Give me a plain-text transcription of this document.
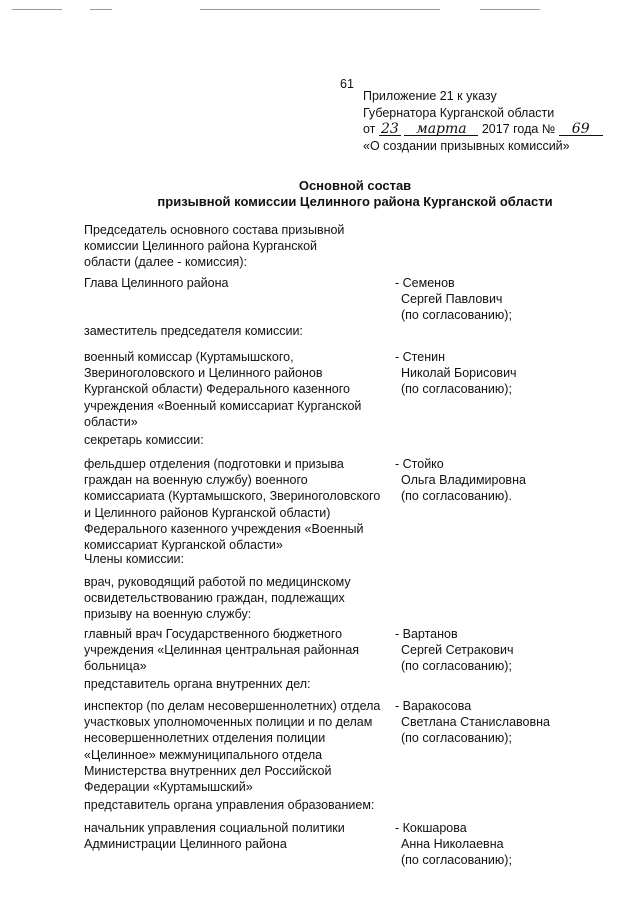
61
Приложение 21 к указу
Губернатора Курганской области
от 23 марта 2017 года № 69
«О создании призывных комиссий»
Основной состав
призывной комиссии Целинного района Курганской области
Председатель основного состава призывной
комиссии Целинного района Курганской
области (далее - комиссия):
Глава Целинного района	- Семенов
Сергей Павлович
(по согласованию);
заместитель председателя комиссии:
военный комиссар (Куртамышского,
Звериноголовского и Целинного районов
Курганской области) Федерального казенного
учреждения «Военный комиссариат Курганской
области»
- Стенин
Николай Борисович
(по согласованию);
секретарь комиссии:
фельдшер отделения (подготовки и призыва
граждан на военную службу) военного
комиссариата (Куртамышского, Звериноголовского
и Целинного районов Курганской области)
Федерального казенного учреждения «Военный
комиссариат Курганской области»
- Стойко
Ольга Владимировна
(по согласованию).
Члены комиссии:
врач, руководящий работой по медицинскому
освидетельствованию граждан, подлежащих
призыву на военную службу:
главный врач Государственного бюджетного
учреждения «Целинная центральная районная
больница»
- Вартанов
Сергей Сетракович
(по согласованию);
представитель органа внутренних дел:
инспектор (по делам несовершеннолетних) отдела
участковых уполномоченных полиции и по делам
несовершеннолетних отделения полиции
«Целинное» межмуниципального отдела
Министерства внутренних дел Российской
Федерации «Куртамышский»
- Варакосова
Светлана Станиславовна
(по согласованию);
представитель органа управления образованием:
начальник управления социальной политики
Администрации Целинного района
- Кокшарова
Анна Николаевна
(по согласованию);
